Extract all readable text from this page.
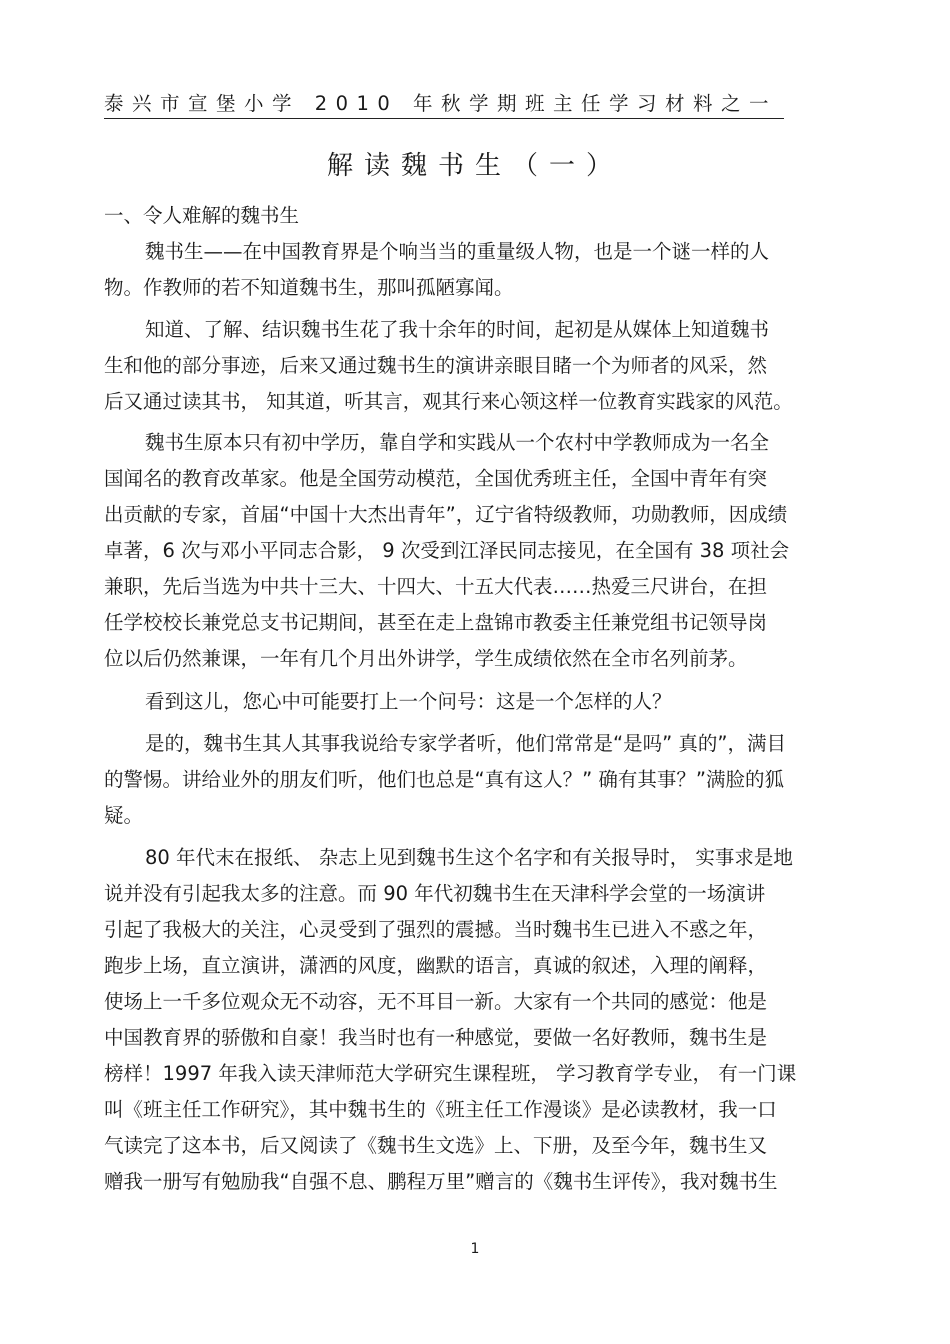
泰兴市宣堡小学 2010 年秋学期班主任学习材料之一
解读魏书生（一）
一、令人难解的魏书生
魏书生——在中国教育界是个响当当的重量级人物，也是一个谜一样的人
物。作教师的若不知道魏书生，那叫孤陋寡闻。
知道、了解、结识魏书生花了我十余年的时间，起初是从媒体上知道魏书
生和他的部分事迹，后来又通过魏书生的演讲亲眼目睹一个为师者的风采，然
后又通过读其书， 知其道，听其言，观其行来心领这样一位教育实践家的风范。
魏书生原本只有初中学历，靠自学和实践从一个农村中学教师成为一名全
国闻名的教育改革家。他是全国劳动模范，全国优秀班主任，全国中青年有突
出贡献的专家，首届“中国十大杰出青年”，辽宁省特级教师，功勋教师，因成绩
卓著，6 次与邓小平同志合影， 9 次受到江泽民同志接见，在全国有 38 项社会
兼职，先后当选为中共十三大、十四大、十五大代表……热爱三尺讲台，在担
任学校校长兼党总支书记期间，甚至在走上盘锦市教委主任兼党组书记领导岗
位以后仍然兼课，一年有几个月出外讲学，学生成绩依然在全市名列前茅。
看到这儿，您心中可能要打上一个问号：这是一个怎样的人？
是的，魏书生其人其事我说给专家学者听，他们常常是“是吗” 真的”，满目
的警惕。讲给业外的朋友们听，他们也总是“真有这人？” 确有其事？”满脸的狐
疑。
80 年代末在报纸、 杂志上见到魏书生这个名字和有关报导时， 实事求是地
说并没有引起我太多的注意。而 90 年代初魏书生在天津科学会堂的一场演讲
引起了我极大的关注，心灵受到了强烈的震撼。当时魏书生已进入不惑之年，
跑步上场，直立演讲，潇洒的风度，幽默的语言，真诚的叙述，入理的阐释，
使场上一千多位观众无不动容，无不耳目一新。大家有一个共同的感觉：他是
中国教育界的骄傲和自豪！我当时也有一种感觉，要做一名好教师，魏书生是
榜样！1997 年我入读天津师范大学研究生课程班， 学习教育学专业， 有一门课
叫《班主任工作研究》，其中魏书生的《班主任工作漫谈》是必读教材，我一口
气读完了这本书，后又阅读了《魏书生文选》上、下册，及至今年，魏书生又
赠我一册写有勉励我“自强不息、鹏程万里”赠言的《魏书生评传》，我对魏书生
1
